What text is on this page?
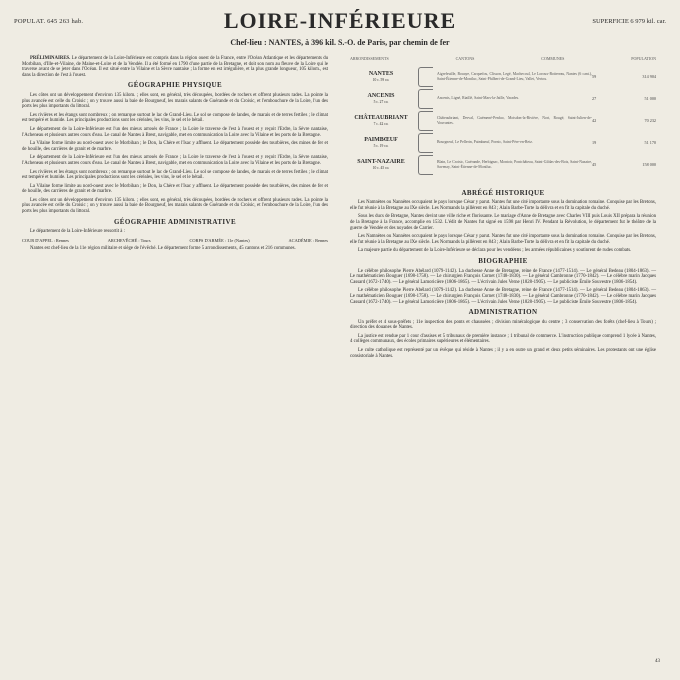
POPULAT. 645 263 hab.	LOIRE-INFÉRIEURE	SUPERFICIE 6 979 kil. car.
Chef-lieu : NANTES, à 396 kil. S.-O. de Paris, par chemin de fer

PRÉLIMINAIRES. Le département de la Loire-Inférieure est compris dans la région ouest de la France, entre l'Océan Atlantique et les départements du Morbihan, d'Ille-et-Vilaine, de Maine-et-Loire et de la Vendée. Il a été formé en 1790 d'une partie de la Bretagne, et doit son nom au fleuve de la Loire qui le traverse avant de se jeter dans l'Océan. Il est situé entre la Vilaine et la Sèvre nantaise ; la forme en est irrégulière, et la plus grande longueur, 105 kilom., est dans la direction de l'est à l'ouest.

GÉOGRAPHIE PHYSIQUE

Les côtes ont un développement d'environ 135 kilom. ; elles sont, en général, très découpées, bordées de rochers et offrent plusieurs rades. La pointe la plus avancée est celle du Croisic ; on y trouve aussi la baie de Bourgneuf, les marais salants de Guérande et du Croisic, et l'embouchure de la Loire, l'un des ports les plus importants du littoral.

Les rivières et les étangs sont nombreux ; on remarque surtout le lac de Grand-Lieu. Le sol se compose de landes, de marais et de terres fertiles ; le climat est tempéré et humide. Les principales productions sont les céréales, les vins, le sel et le bétail.

Le département de la Loire-Inférieure est l'un des mieux arrosés de France ; la Loire le traverse de l'est à l'ouest et y reçoit l'Erdre, la Sèvre nantaise, l'Acheneau et plusieurs autres cours d'eau. Le canal de Nantes à Brest, navigable, met en communication la Loire avec la Vilaine et les ports de la Bretagne.

La Vilaine forme limite au nord-ouest avec le Morbihan ; le Don, la Chère et l'Isac y affluent. Le département possède des tourbières, des mines de fer et de houille, des carrières de granit et de marbre.

Le département de la Loire-Inférieure est l'un des mieux arrosés de France ; la Loire le traverse de l'est à l'ouest et y reçoit l'Erdre, la Sèvre nantaise, l'Acheneau et plusieurs autres cours d'eau. Le canal de Nantes à Brest, navigable, met en communication la Loire avec la Vilaine et les ports de la Bretagne.

Les rivières et les étangs sont nombreux ; on remarque surtout le lac de Grand-Lieu. Le sol se compose de landes, de marais et de terres fertiles ; le climat est tempéré et humide. Les principales productions sont les céréales, les vins, le sel et le bétail.

La Vilaine forme limite au nord-ouest avec le Morbihan ; le Don, la Chère et l'Isac y affluent. Le département possède des tourbières, des mines de fer et de houille, des carrières de granit et de marbre.

Les côtes ont un développement d'environ 135 kilom. ; elles sont, en général, très découpées, bordées de rochers et offrent plusieurs rades. La pointe la plus avancée est celle du Croisic ; on y trouve aussi la baie de Bourgneuf, les marais salants de Guérande et du Croisic, et l'embouchure de la Loire, l'un des ports les plus importants du littoral.

GÉOGRAPHIE ADMINISTRATIVE

Le département de la Loire-Inférieure ressortit à :

COUR D'APPEL : Rennes	ARCHEVÊCHÉ : Tours	CORPS D'ARMÉE : 11e (Nantes)	ACADÉMIE : Rennes

Nantes est chef-lieu de la 11e région militaire et siège de l'évêché. Le département forme 5 arrondissements, 45 cantons et 216 communes.

ARRONDISSEMENTS	CANTONS	COMMUNES	POPULATION
NANTES
10 c. 59 co.
Aigrefeuille, Bouaye, Carquefou, Clisson, Legé, Machecoul, Le Loroux-Bottereau, Nantes (6 cant.), Saint-Étienne-de-Montluc, Saint-Philbert-de-Grand-Lieu, Vallet, Vertou.	59	314 904
ANCENIS
5 c. 27 co.
Ancenis, Ligné, Riaillé, Saint-Mars-la-Jaille, Varades.	27	51 000
CHÂTEAUBRIANT
7 c. 42 co.
Châteaubriant, Derval, Guémené-Penfao, Moisdon-la-Rivière, Nort, Rougé, Saint-Julien-de-Vouvantes.	42	70 232
PAIMBŒUF
5 c. 19 co.
Bourgneuf, Le Pellerin, Paimbœuf, Pornic, Saint-Père-en-Retz.	19	51 170
SAINT-NAZAIRE
10 c. 45 co.
Blain, Le Croisic, Guérande, Herbignac, Montoir, Pontchâteau, Saint-Gildas-des-Bois, Saint-Nazaire, Savenay, Saint-Étienne-de-Montluc.	45	158 000
ABRÉGÉ HISTORIQUE

Les Namnètes ou Nannètes occupaient le pays lorsque César y parut. Nantes fut une cité importante sous la domination romaine. Conquise par les Bretons, elle fut réunie à la Bretagne au IXe siècle. Les Normands la pillèrent en 843 ; Alain Barbe-Torte la délivra et en fit la capitale du duché.

Sous les ducs de Bretagne, Nantes devint une ville riche et florissante. Le mariage d'Anne de Bretagne avec Charles VIII puis Louis XII prépara la réunion de la Bretagne à la France, accomplie en 1532. L'édit de Nantes fut signé en 1598 par Henri IV. Pendant la Révolution, le département fut le théâtre de la guerre de Vendée et des noyades de Carrier.

Les Namnètes ou Nannètes occupaient le pays lorsque César y parut. Nantes fut une cité importante sous la domination romaine. Conquise par les Bretons, elle fut réunie à la Bretagne au IXe siècle. Les Normands la pillèrent en 843 ; Alain Barbe-Torte la délivra et en fit la capitale du duché.

La majeure partie du département de la Loire-Inférieure se déclara pour les vendéens ; les armées républicaines y soutinrent de rudes combats.

BIOGRAPHIE

Le célèbre philosophe Pierre Abélard (1079-1142). La duchesse Anne de Bretagne, reine de France (1477-1514). — Le général Bedeau (1804-1863). — Le mathématicien Bouguer (1698-1758). — Le chirurgien François Cornet (1748-1830). — Le général Cambronne (1770-1842). — Le célèbre marin Jacques Cassard (1672-1740). — Le général Lamoricière (1806-1865). — L'écrivain Jules Verne (1828-1905). — Le publiciste Émile Souvestre (1806-1854).

Le célèbre philosophe Pierre Abélard (1079-1142). La duchesse Anne de Bretagne, reine de France (1477-1514). — Le général Bedeau (1804-1863). — Le mathématicien Bouguer (1698-1758). — Le chirurgien François Cornet (1748-1830). — Le général Cambronne (1770-1842). — Le célèbre marin Jacques Cassard (1672-1740). — Le général Lamoricière (1806-1865). — L'écrivain Jules Verne (1828-1905). — Le publiciste Émile Souvestre (1806-1854).

ADMINISTRATION

Un préfet et 4 sous-préfets ; 11e inspection des ponts et chaussées ; division minéralogique du centre ; 3 conservation des forêts (chef-lieu à Tours) ; direction des douanes de Nantes.

La justice est rendue par 1 cour d'assises et 5 tribunaux de première instance ; 1 tribunal de commerce. L'instruction publique comprend 1 lycée à Nantes, 4 collèges communaux, des écoles primaires supérieures et élémentaires.

Le culte catholique est représenté par un évêque qui réside à Nantes ; il y a en outre un grand et deux petits séminaires. Les protestants ont une église consistoriale à Nantes.

43
